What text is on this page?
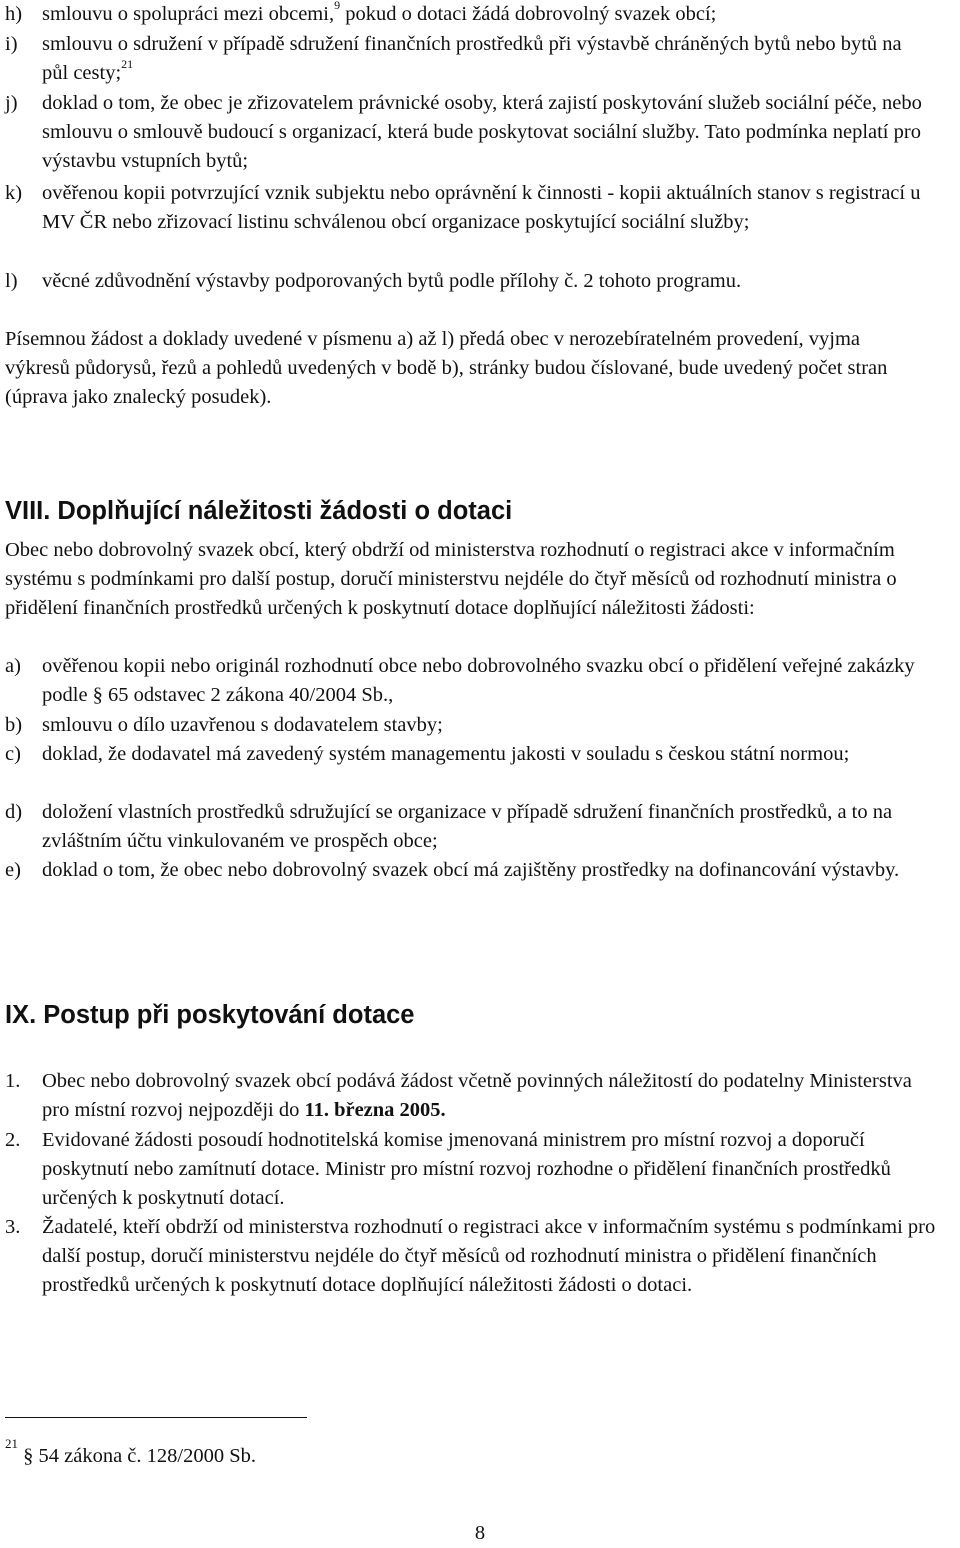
h) smlouvu o spolupráci mezi obcemi,$^9$ pokud o dotaci žádá dobrovolný svazek obcí;
i) smlouvu o sdružení v případě sdružení finančních prostředků při výstavbě chráněných bytů nebo bytů na půl cesty;$^{21}$
j) doklad o tom, že obec je zřizovatelem právnické osoby, která zajistí poskytování služeb sociální péče, nebo smlouvu o smlouvě budoucí s organizací, která bude poskytovat sociální služby. Tato podmínka neplatí pro výstavbu vstupních bytů;
k) ověřenou kopii potvrzující vznik subjektu nebo oprávnění k činnosti - kopii aktuálních stanov s registrací u MV ČR nebo zřizovací listinu schválenou obcí organizace poskytující sociální služby;
l) věcné zdůvodnění výstavby podporovaných bytů podle přílohy č. 2 tohoto programu.
Písemnou žádost a doklady uvedené v písmenu a) až l) předá obec v nerozebíratelném provedení, vyjma výkresů půdorysů, řezů a pohledů uvedených v bodě b), stránky budou číslované, bude uvedený počet stran (úprava jako znalecký posudek).
VIII. Doplňující náležitosti žádosti o dotaci
Obec nebo dobrovolný svazek obcí, který obdrží od ministerstva rozhodnutí o registraci akce v informačním systému s podmínkami pro další postup, doručí ministerstvu nejdéle do čtyř měsíců od rozhodnutí ministra o přidělení finančních prostředků určených k poskytnutí dotace doplňující náležitosti žádosti:
a) ověřenou kopii nebo originál rozhodnutí obce nebo dobrovolného svazku obcí o přidělení veřejné zakázky podle § 65 odstavec 2 zákona 40/2004 Sb.,
b) smlouvu o dílo uzavřenou s dodavatelem stavby;
c) doklad, že dodavatel má zavedený systém managementu jakosti v souladu s českou státní normou;
d) doložení vlastních prostředků sdružující se organizace v případě sdružení finančních prostředků, a to na zvláštním účtu vinkulovaném ve prospěch obce;
e) doklad o tom, že obec nebo dobrovolný svazek obcí má zajištěny prostředky na dofinancování výstavby.
IX. Postup při poskytování dotace
1. Obec nebo dobrovolný svazek obcí podává žádost včetně povinných náležitostí do podatelny Ministerstva pro místní rozvoj nejpozději do 11. března 2005.
2. Evidované žádosti posoudí hodnotitelská komise jmenovaná ministrem pro místní rozvoj a doporučí poskytnutí nebo zamítnutí dotace. Ministr pro místní rozvoj rozhodne o přidělení finančních prostředků určených k poskytnutí dotací.
3. Žadatelé, kteří obdrží od ministerstva rozhodnutí o registraci akce v informačním systému s podmínkami pro další postup, doručí ministerstvu nejdéle do čtyř měsíců od rozhodnutí ministra o přidělení finančních prostředků určených k poskytnutí dotace doplňující náležitosti žádosti o dotaci.
$^{21}$ § 54 zákona č. 128/2000 Sb.
8
